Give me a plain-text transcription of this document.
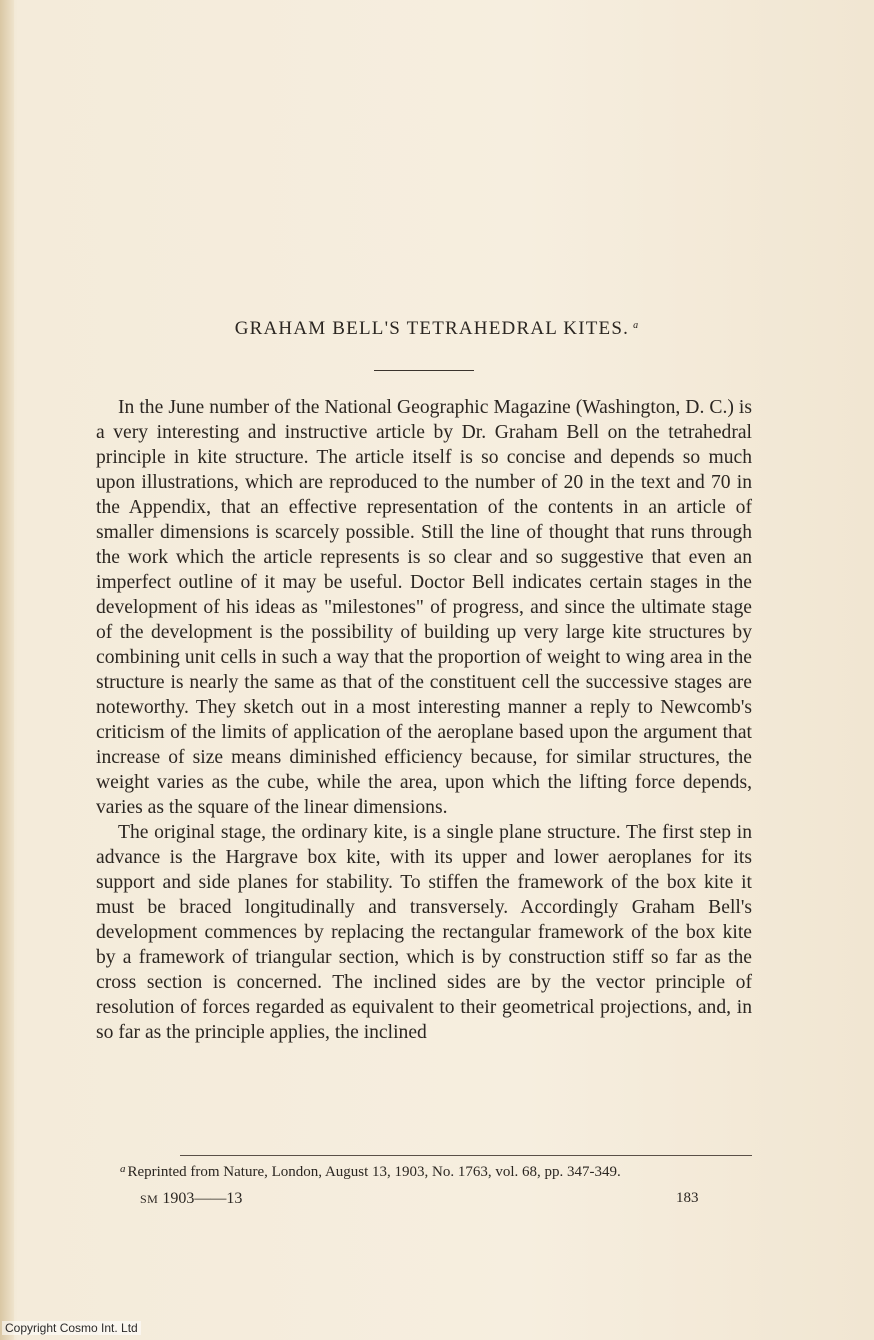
GRAHAM BELL'S TETRAHEDRAL KITES. $^a$

In the June number of the National Geographic Magazine (Washington, D. C.) is a very interesting and instructive article by Dr. Graham Bell on the tetrahedral principle in kite structure. The article itself is so concise and depends so much upon illustrations, which are reproduced to the number of 20 in the text and 70 in the Appendix, that an effective representation of the contents in an article of smaller dimensions is scarcely possible. Still the line of thought that runs through the work which the article represents is so clear and so suggestive that even an imperfect outline of it may be useful. Doctor Bell indicates certain stages in the development of his ideas as "milestones" of progress, and since the ultimate stage of the development is the possibility of building up very large kite structures by combining unit cells in such a way that the proportion of weight to wing area in the structure is nearly the same as that of the constituent cell the successive stages are noteworthy. They sketch out in a most interesting manner a reply to Newcomb's criticism of the limits of application of the aeroplane based upon the argument that increase of size means diminished efficiency because, for similar structures, the weight varies as the cube, while the area, upon which the lifting force depends, varies as the square of the linear dimensions.

The original stage, the ordinary kite, is a single plane structure. The first step in advance is the Hargrave box kite, with its upper and lower aeroplanes for its support and side planes for stability. To stiffen the framework of the box kite it must be braced longitudinally and transversely. Accordingly Graham Bell's development commences by replacing the rectangular framework of the box kite by a framework of triangular section, which is by construction stiff so far as the cross section is concerned. The inclined sides are by the vector principle of resolution of forces regarded as equivalent to their geometrical projections, and, in so far as the principle applies, the inclined

$^a$ Reprinted from Nature, London, August 13, 1903, No. 1763, vol. 68, pp. 347-349.
SM 1903——13	183
Copyright Cosmo Int. Ltd
